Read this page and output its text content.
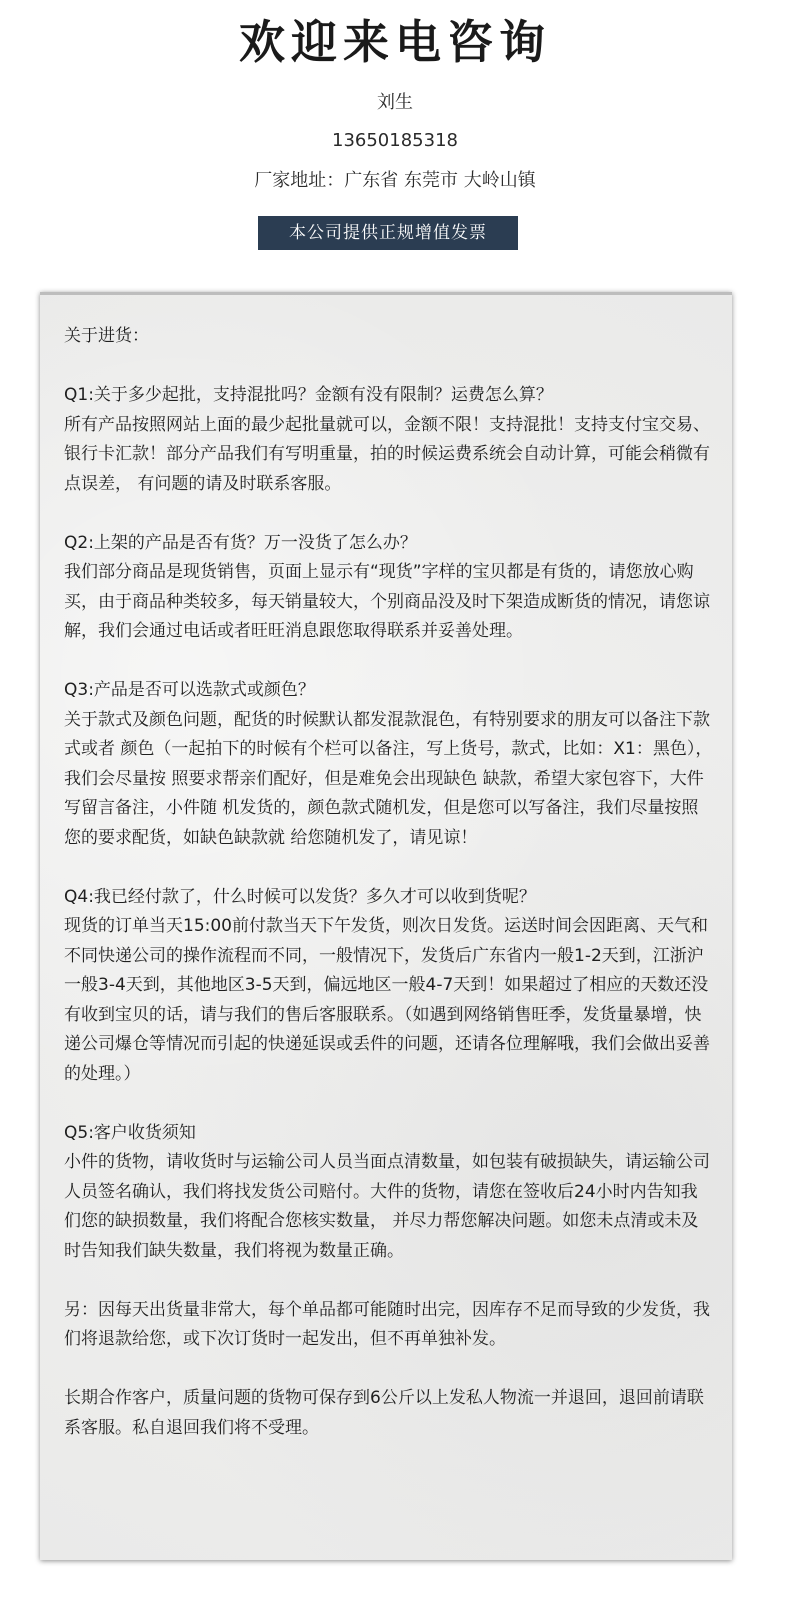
欢迎来电咨询
刘生
13650185318
厂家地址：广东省 东莞市 大岭山镇
本公司提供正规增值发票

关于进货：

Q1:关于多少起批，支持混批吗？金额有没有限制？运费怎么算？
所有产品按照网站上面的最少起批量就可以，金额不限！支持混批！支持支付宝交易、银行卡汇款！部分产品我们有写明重量，拍的时候运费系统会自动计算，可能会稍微有点误差， 有问题的请及时联系客服。
Q2:上架的产品是否有货？万一没货了怎么办？
我们部分商品是现货销售，页面上显示有“现货”字样的宝贝都是有货的，请您放心购买，由于商品种类较多，每天销量较大，个别商品没及时下架造成断货的情况，请您谅解，我们会通过电话或者旺旺消息跟您取得联系并妥善处理。
Q3:产品是否可以选款式或颜色？
关于款式及颜色问题，配货的时候默认都发混款混色，有特别要求的朋友可以备注下款式或者 颜色（一起拍下的时候有个栏可以备注，写上货号，款式，比如：X1：黑色），我们会尽量按 照要求帮亲们配好，但是难免会出现缺色 缺款，希望大家包容下，大件写留言备注，小件随 机发货的，颜色款式随机发，但是您可以写备注，我们尽量按照您的要求配货，如缺色缺款就 给您随机发了，请见谅！
Q4:我已经付款了，什么时候可以发货？多久才可以收到货呢？
现货的订单当天15:00前付款当天下午发货，则次日发货。运送时间会因距离、天气和不同快递公司的操作流程而不同，一般情况下，发货后广东省内一般1-2天到，江浙沪一般3-4天到，其他地区3-5天到，偏远地区一般4-7天到！如果超过了相应的天数还没有收到宝贝的话，请与我们的售后客服联系。（如遇到网络销售旺季，发货量暴增，快递公司爆仓等情况而引起的快递延误或丢件的问题，还请各位理解哦，我们会做出妥善的处理。）
Q5:客户收货须知
小件的货物，请收货时与运输公司人员当面点清数量，如包装有破损缺失，请运输公司人员签名确认，我们将找发货公司赔付。大件的货物，请您在签收后24小时内告知我们您的缺损数量，我们将配合您核实数量， 并尽力帮您解决问题。如您未点清或未及时告知我们缺失数量，我们将视为数量正确。
另：因每天出货量非常大，每个单品都可能随时出完，因库存不足而导致的少发货，我们将退款给您，或下次订货时一起发出，但不再单独补发。
长期合作客户，质量问题的货物可保存到6公斤以上发私人物流一并退回，退回前请联系客服。私自退回我们将不受理。
